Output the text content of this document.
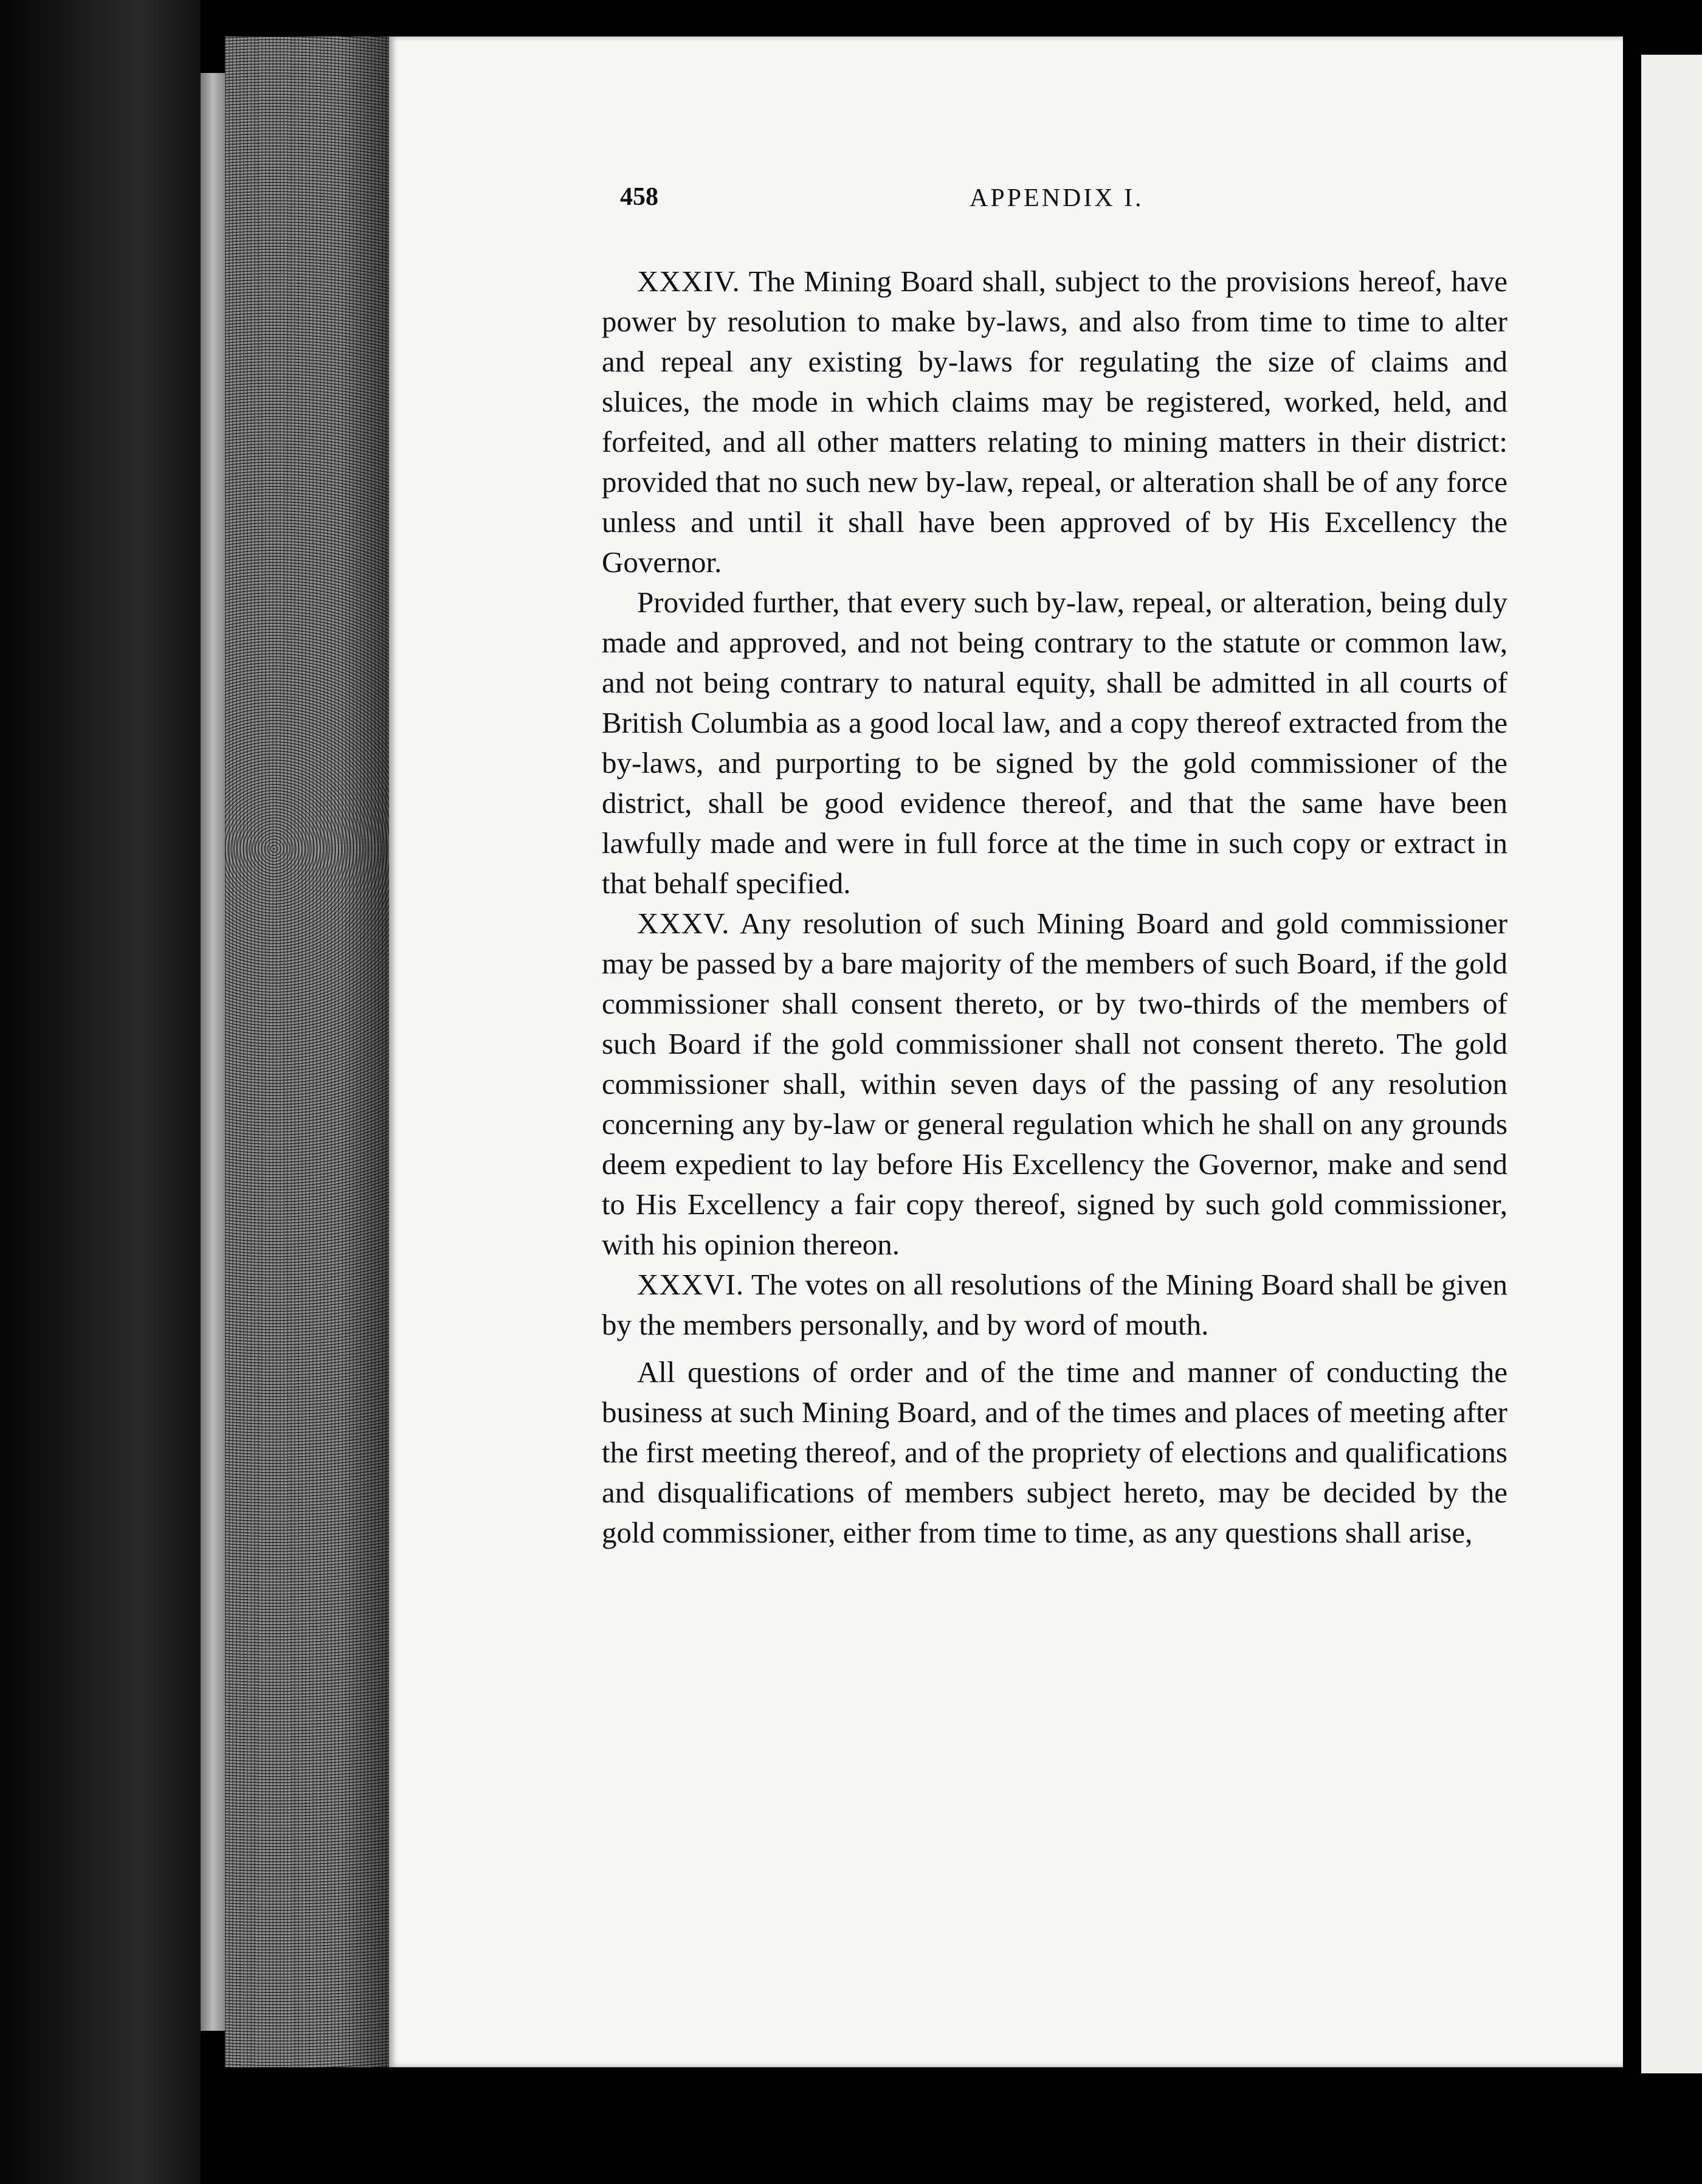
458	APPENDIX I.

XXXIV. The Mining Board shall, subject to the provisions hereof, have power by resolution to make by-laws, and also from time to time to alter and repeal any existing by-laws for regulating the size of claims and sluices, the mode in which claims may be registered, worked, held, and forfeited, and all other matters relating to mining matters in their district: provided that no such new by-law, repeal, or alteration shall be of any force unless and until it shall have been approved of by His Excellency the Governor.

Provided further, that every such by-law, repeal, or alteration, being duly made and approved, and not being contrary to the statute or common law, and not being contrary to natural equity, shall be admitted in all courts of British Columbia as a good local law, and a copy thereof extracted from the by-laws, and purporting to be signed by the gold commissioner of the district, shall be good evidence thereof, and that the same have been lawfully made and were in full force at the time in such copy or extract in that behalf specified.

XXXV. Any resolution of such Mining Board and gold commissioner may be passed by a bare majority of the members of such Board, if the gold commissioner shall consent thereto, or by two-thirds of the members of such Board if the gold commissioner shall not consent thereto. The gold commissioner shall, within seven days of the passing of any resolution concerning any by-law or general regulation which he shall on any grounds deem expedient to lay before His Excellency the Governor, make and send to His Excellency a fair copy thereof, signed by such gold commissioner, with his opinion thereon.

XXXVI. The votes on all resolutions of the Mining Board shall be given by the members personally, and by word of mouth.

All questions of order and of the time and manner of conducting the business at such Mining Board, and of the times and places of meeting after the first meeting thereof, and of the propriety of elections and qualifications and disqualifications of members subject hereto, may be decided by the gold commissioner, either from time to time, as any questions shall arise,
